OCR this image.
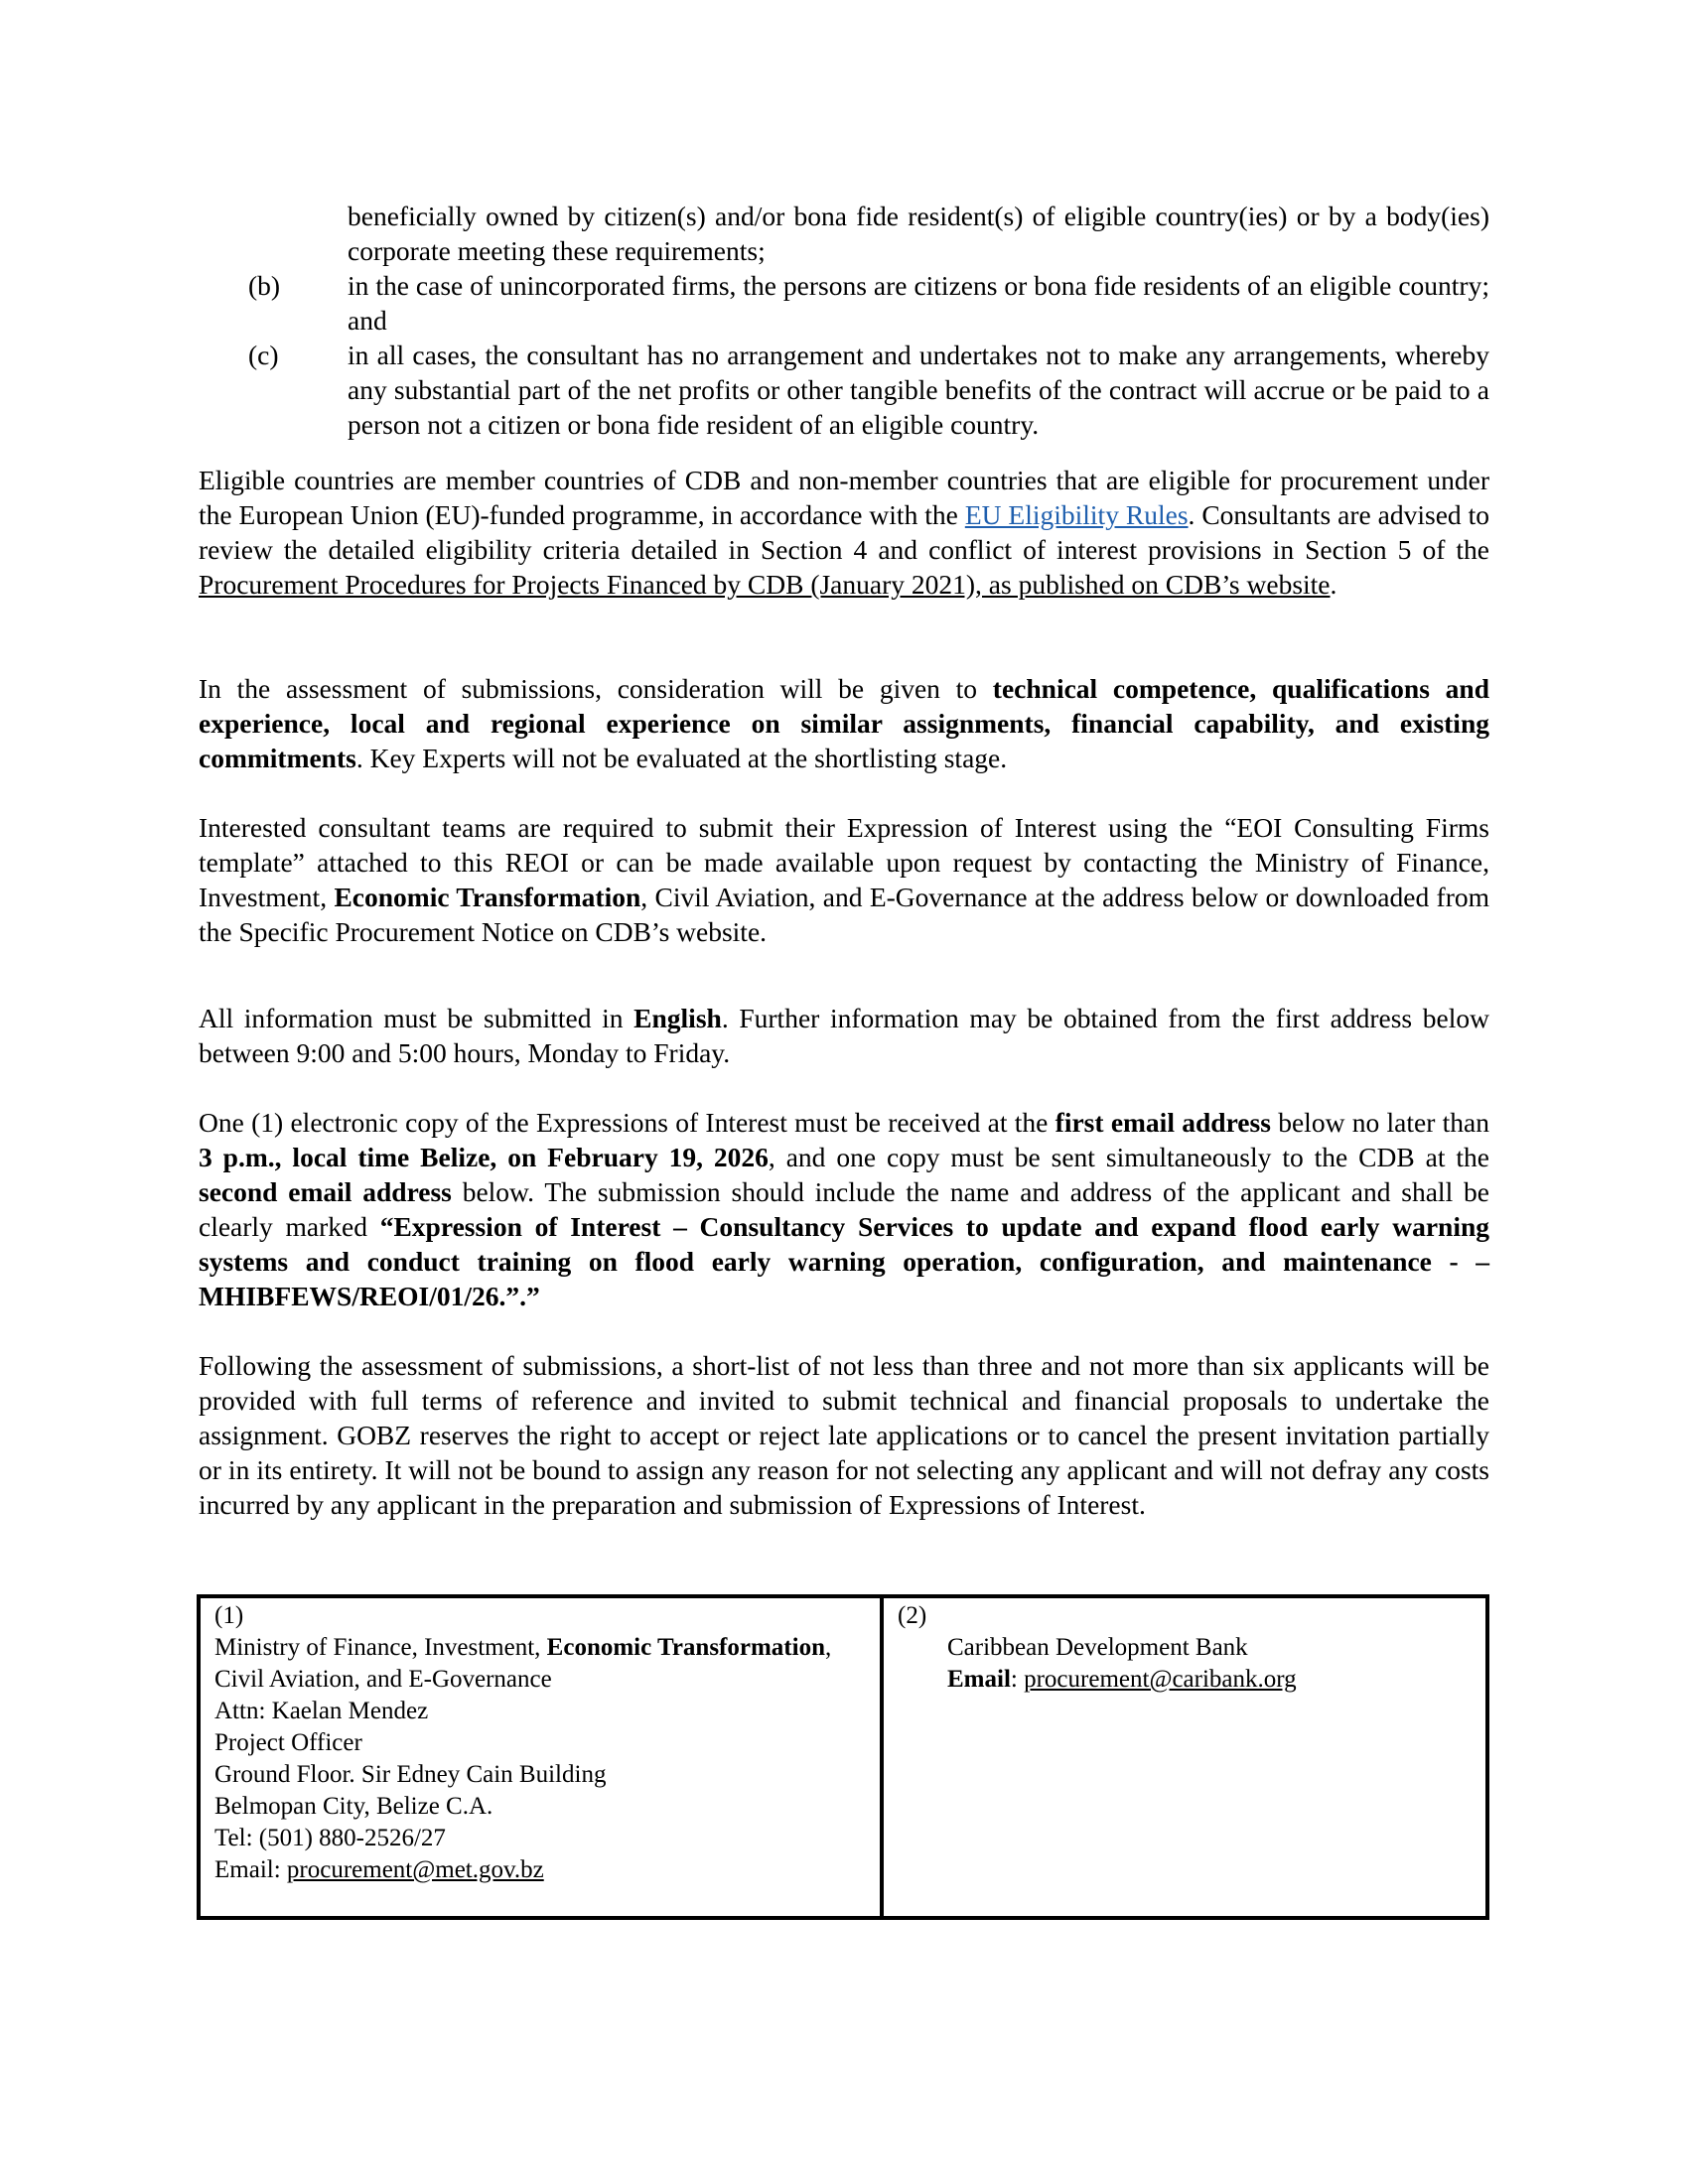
beneficially owned by citizen(s) and/or bona fide resident(s) of eligible country(ies) or by a body(ies) corporate meeting these requirements;
(b)	in the case of unincorporated firms, the persons are citizens or bona fide residents of an eligible country; and
(c)	in all cases, the consultant has no arrangement and undertakes not to make any arrangements, whereby any substantial part of the net profits or other tangible benefits of the contract will accrue or be paid to a person not a citizen or bona fide resident of an eligible country.

Eligible countries are member countries of CDB and non-member countries that are eligible for procurement under the European Union (EU)-funded programme, in accordance with the EU Eligibility Rules. Consultants are advised to review the detailed eligibility criteria detailed in Section 4 and conflict of interest provisions in Section 5 of the Procurement Procedures for Projects Financed by CDB (January 2021), as published on CDB’s website.

In the assessment of submissions, consideration will be given to technical competence, qualifications and experience, local and regional experience on similar assignments, financial capability, and existing commitments. Key Experts will not be evaluated at the shortlisting stage.

Interested consultant teams are required to submit their Expression of Interest using the “EOI Consulting Firms template” attached to this REOI or can be made available upon request by contacting the Ministry of Finance, Investment, Economic Transformation, Civil Aviation, and E-Governance at the address below or downloaded from the Specific Procurement Notice on CDB’s website.

All information must be submitted in English. Further information may be obtained from the first address below between 9:00 and 5:00 hours, Monday to Friday.

One (1) electronic copy of the Expressions of Interest must be received at the first email address below no later than 3 p.m., local time Belize, on February 19, 2026, and one copy must be sent simultaneously to the CDB at the second email address below. The submission should include the name and address of the applicant and shall be clearly marked “Expression of Interest – Consultancy Services to update and expand flood early warning systems and conduct training on flood early warning operation, configuration, and maintenance - – MHIBFEWS/REOI/01/26.”.”

Following the assessment of submissions, a short-list of not less than three and not more than six applicants will be provided with full terms of reference and invited to submit technical and financial proposals to undertake the assignment. GOBZ reserves the right to accept or reject late applications or to cancel the present invitation partially or in its entirety. It will not be bound to assign any reason for not selecting any applicant and will not defray any costs incurred by any applicant in the preparation and submission of Expressions of Interest.

(1)
Ministry of Finance, Investment, Economic Transformation, Civil Aviation, and E-Governance
Attn: Kaelan Mendez
Project Officer
Ground Floor. Sir Edney Cain Building
Belmopan City, Belize C.A.
Tel: (501) 880-2526/27
Email: procurement@met.gov.bz
(2)
Caribbean Development Bank
Email: procurement@caribank.org
